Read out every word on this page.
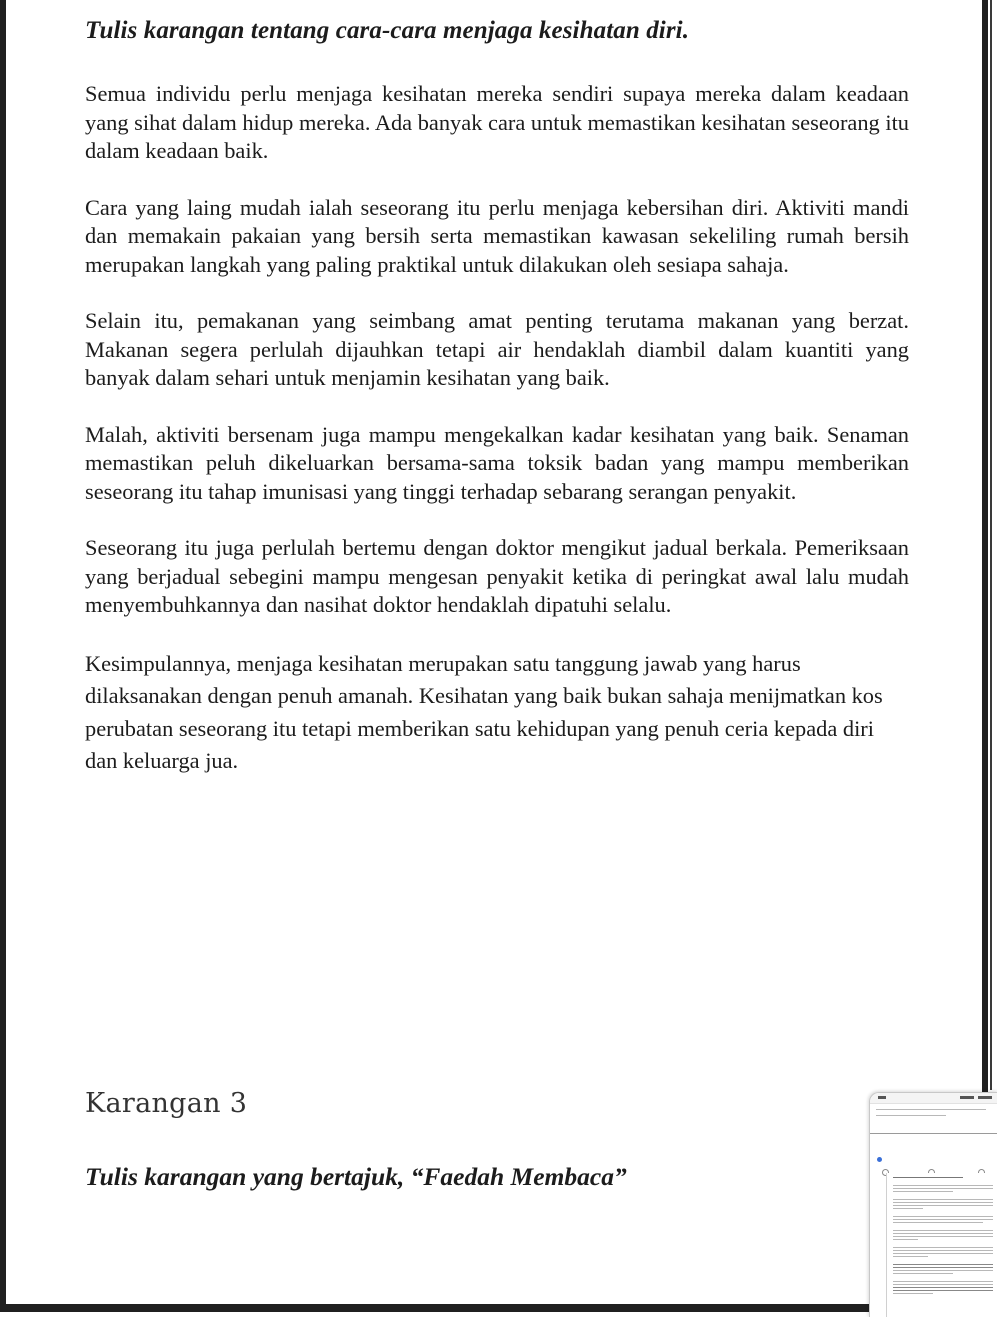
Tulis karangan tentang cara-cara menjaga kesihatan diri.

Semua individu perlu menjaga kesihatan mereka sendiri supaya mereka dalam keadaan yang sihat dalam hidup mereka. Ada banyak cara untuk memastikan kesihatan seseorang itu dalam keadaan baik.

Cara yang laing mudah ialah seseorang itu perlu menjaga kebersihan diri. Aktiviti mandi dan memakain pakaian yang bersih serta memastikan kawasan sekeliling rumah bersih merupakan langkah yang paling praktikal untuk dilakukan oleh sesiapa sahaja.

Selain itu, pemakanan yang seimbang amat penting terutama makanan yang berzat. Makanan segera perlulah dijauhkan tetapi air hendaklah diambil dalam kuantiti yang banyak dalam sehari untuk menjamin kesihatan yang baik.

Malah, aktiviti bersenam juga mampu mengekalkan kadar kesihatan yang baik. Senaman memastikan peluh dikeluarkan bersama-sama toksik badan yang mampu memberikan seseorang itu tahap imunisasi yang tinggi terhadap sebarang serangan penyakit.

Seseorang itu juga perlulah bertemu dengan doktor mengikut jadual berkala. Pemeriksaan yang berjadual sebegini mampu mengesan penyakit ketika di peringkat awal lalu mudah menyembuhkannya dan nasihat doktor hendaklah dipatuhi selalu.

Kesimpulannya, menjaga kesihatan merupakan satu tanggung jawab yang harus dilaksanakan dengan penuh amanah. Kesihatan yang baik bukan sahaja menijmatkan kos perubatan seseorang itu tetapi memberikan satu kehidupan yang penuh ceria kepada diri dan keluarga jua.

Karangan 3
Tulis karangan yang bertajuk, “Faedah Membaca”
